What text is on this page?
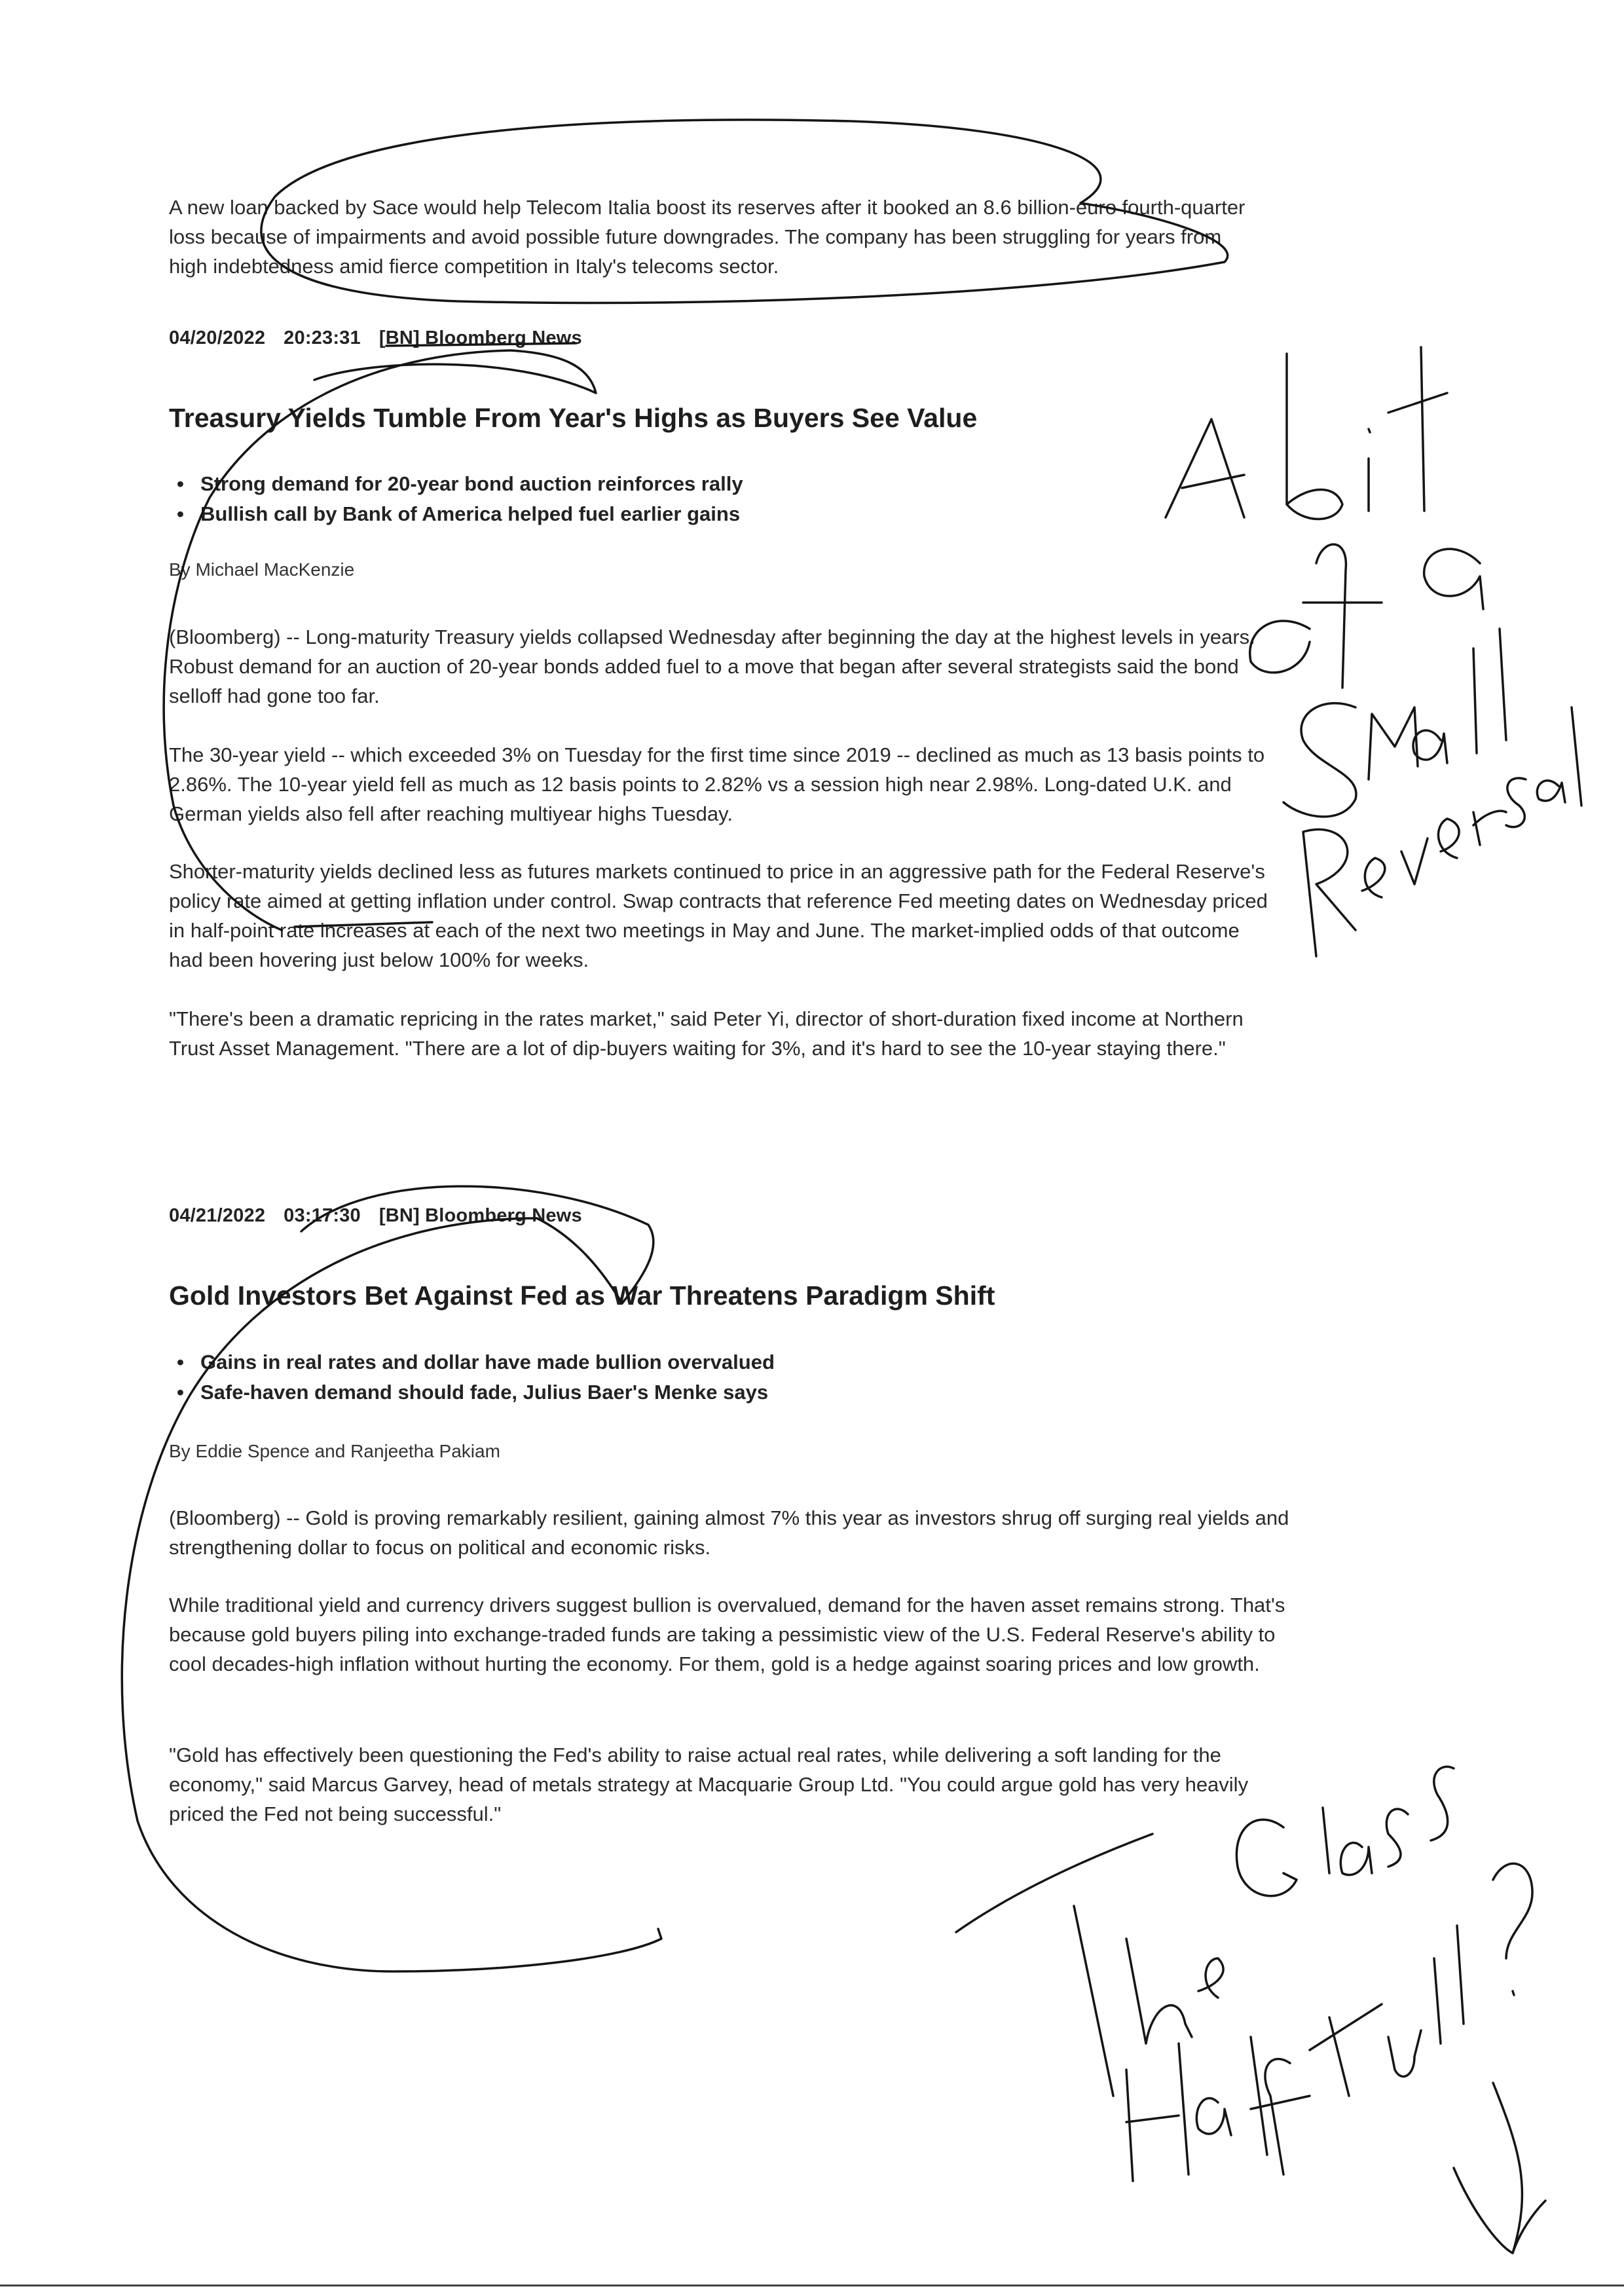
A new loan backed by Sace would help Telecom Italia boost its reserves after it booked an 8.6 billion-euro fourth-quarter loss because of impairments and avoid possible future downgrades. The company has been struggling for years from high indebtedness amid fierce competition in Italy's telecoms sector.

04/20/2022 20:23:31 [BN] Bloomberg News
Treasury Yields Tumble From Year's Highs as Buyers See Value
• Strong demand for 20-year bond auction reinforces rally
• Bullish call by Bank of America helped fuel earlier gains
By Michael MacKenzie

(Bloomberg) -- Long-maturity Treasury yields collapsed Wednesday after beginning the day at the highest levels in years. Robust demand for an auction of 20-year bonds added fuel to a move that began after several strategists said the bond selloff had gone too far.

The 30-year yield -- which exceeded 3% on Tuesday for the first time since 2019 -- declined as much as 13 basis points to 2.86%. The 10-year yield fell as much as 12 basis points to 2.82% vs a session high near 2.98%. Long-dated U.K. and German yields also fell after reaching multiyear highs Tuesday.

Shorter-maturity yields declined less as futures markets continued to price in an aggressive path for the Federal Reserve's policy rate aimed at getting inflation under control. Swap contracts that reference Fed meeting dates on Wednesday priced in half-point rate increases at each of the next two meetings in May and June. The market-implied odds of that outcome had been hovering just below 100% for weeks.

"There's been a dramatic repricing in the rates market," said Peter Yi, director of short-duration fixed income at Northern Trust Asset Management. "There are a lot of dip-buyers waiting for 3%, and it's hard to see the 10-year staying there."

04/21/2022 03:17:30 [BN] Bloomberg News
Gold Investors Bet Against Fed as War Threatens Paradigm Shift
• Gains in real rates and dollar have made bullion overvalued
• Safe-haven demand should fade, Julius Baer's Menke says
By Eddie Spence and Ranjeetha Pakiam

(Bloomberg) -- Gold is proving remarkably resilient, gaining almost 7% this year as investors shrug off surging real yields and strengthening dollar to focus on political and economic risks.

While traditional yield and currency drivers suggest bullion is overvalued, demand for the haven asset remains strong. That's because gold buyers piling into exchange-traded funds are taking a pessimistic view of the U.S. Federal Reserve's ability to cool decades-high inflation without hurting the economy. For them, gold is a hedge against soaring prices and low growth.

"Gold has effectively been questioning the Fed's ability to raise actual real rates, while delivering a soft landing for the economy," said Marcus Garvey, head of metals strategy at Macquarie Group Ltd. "You could argue gold has very heavily priced the Fed not being successful."
